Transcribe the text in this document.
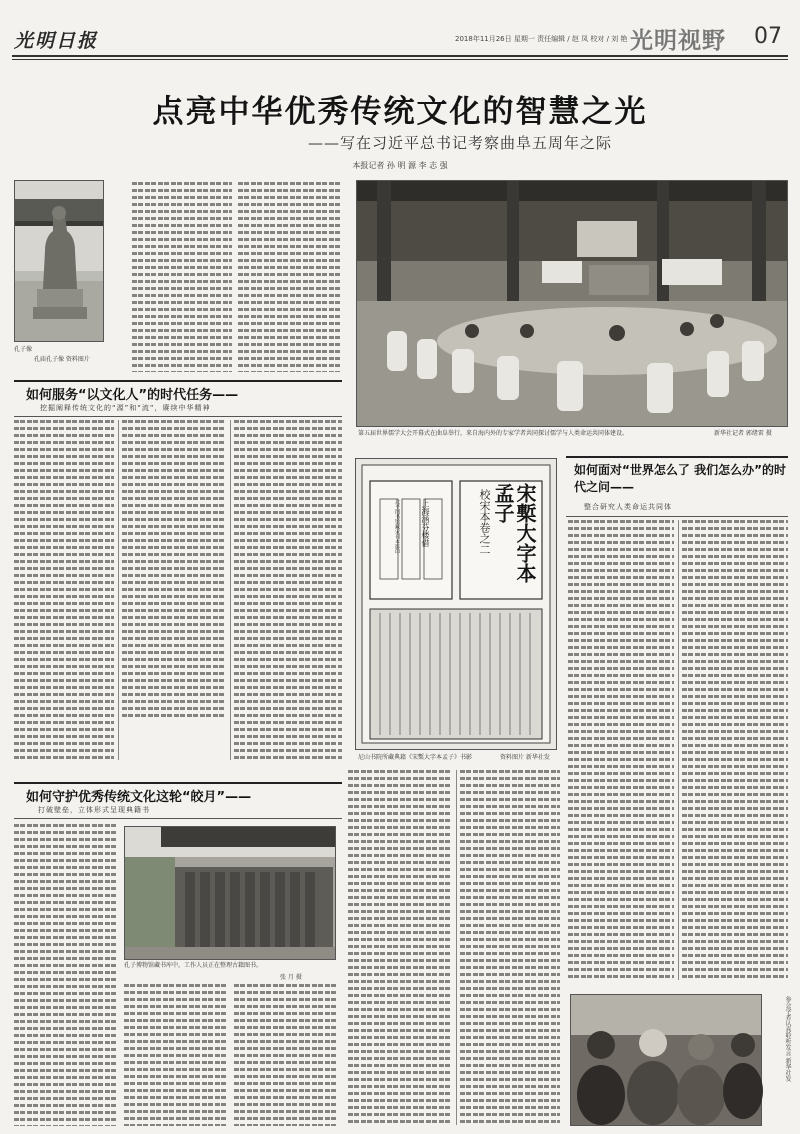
光明日报	2018年11月26日 星期一 责任编辑 / 赵 凤 校对 / 刘 艳 光明视野 07
点亮中华优秀传统文化的智慧之光
——写在习近平总书记考察曲阜五周年之际
本报记者 孙 明 源 李 志 强
孔子像
孔庙孔子像 资料图片
第五届世界儒学大会开幕式在曲阜举行，来自海内外的专家学者共同探讨儒学与人类命运共同体建设。	新华社记者 郭绪雷 摄
如何服务“以文化人”的时代任务——
挖掘阐释传统文化的“源”和“流”，赓续中华精神
宋槧大字本孟子
校宋本卷之二
上海涵芬楼借
北平图书馆藏宋刊本影印
尼山书院所藏典籍《宋槧大字本孟子》书影	资料图片 新华社发
如何面对“世界怎么了 我们怎么办”的时代之问——
整合研究人类命运共同体
如何守护优秀传统文化这轮“皎月”——
打破壁垒，立体形式呈现典籍书
孔子博物馆藏书库中，工作人员正在整理古籍图书。
张 月 摄
参会学者认真聆听发言 新华社发
